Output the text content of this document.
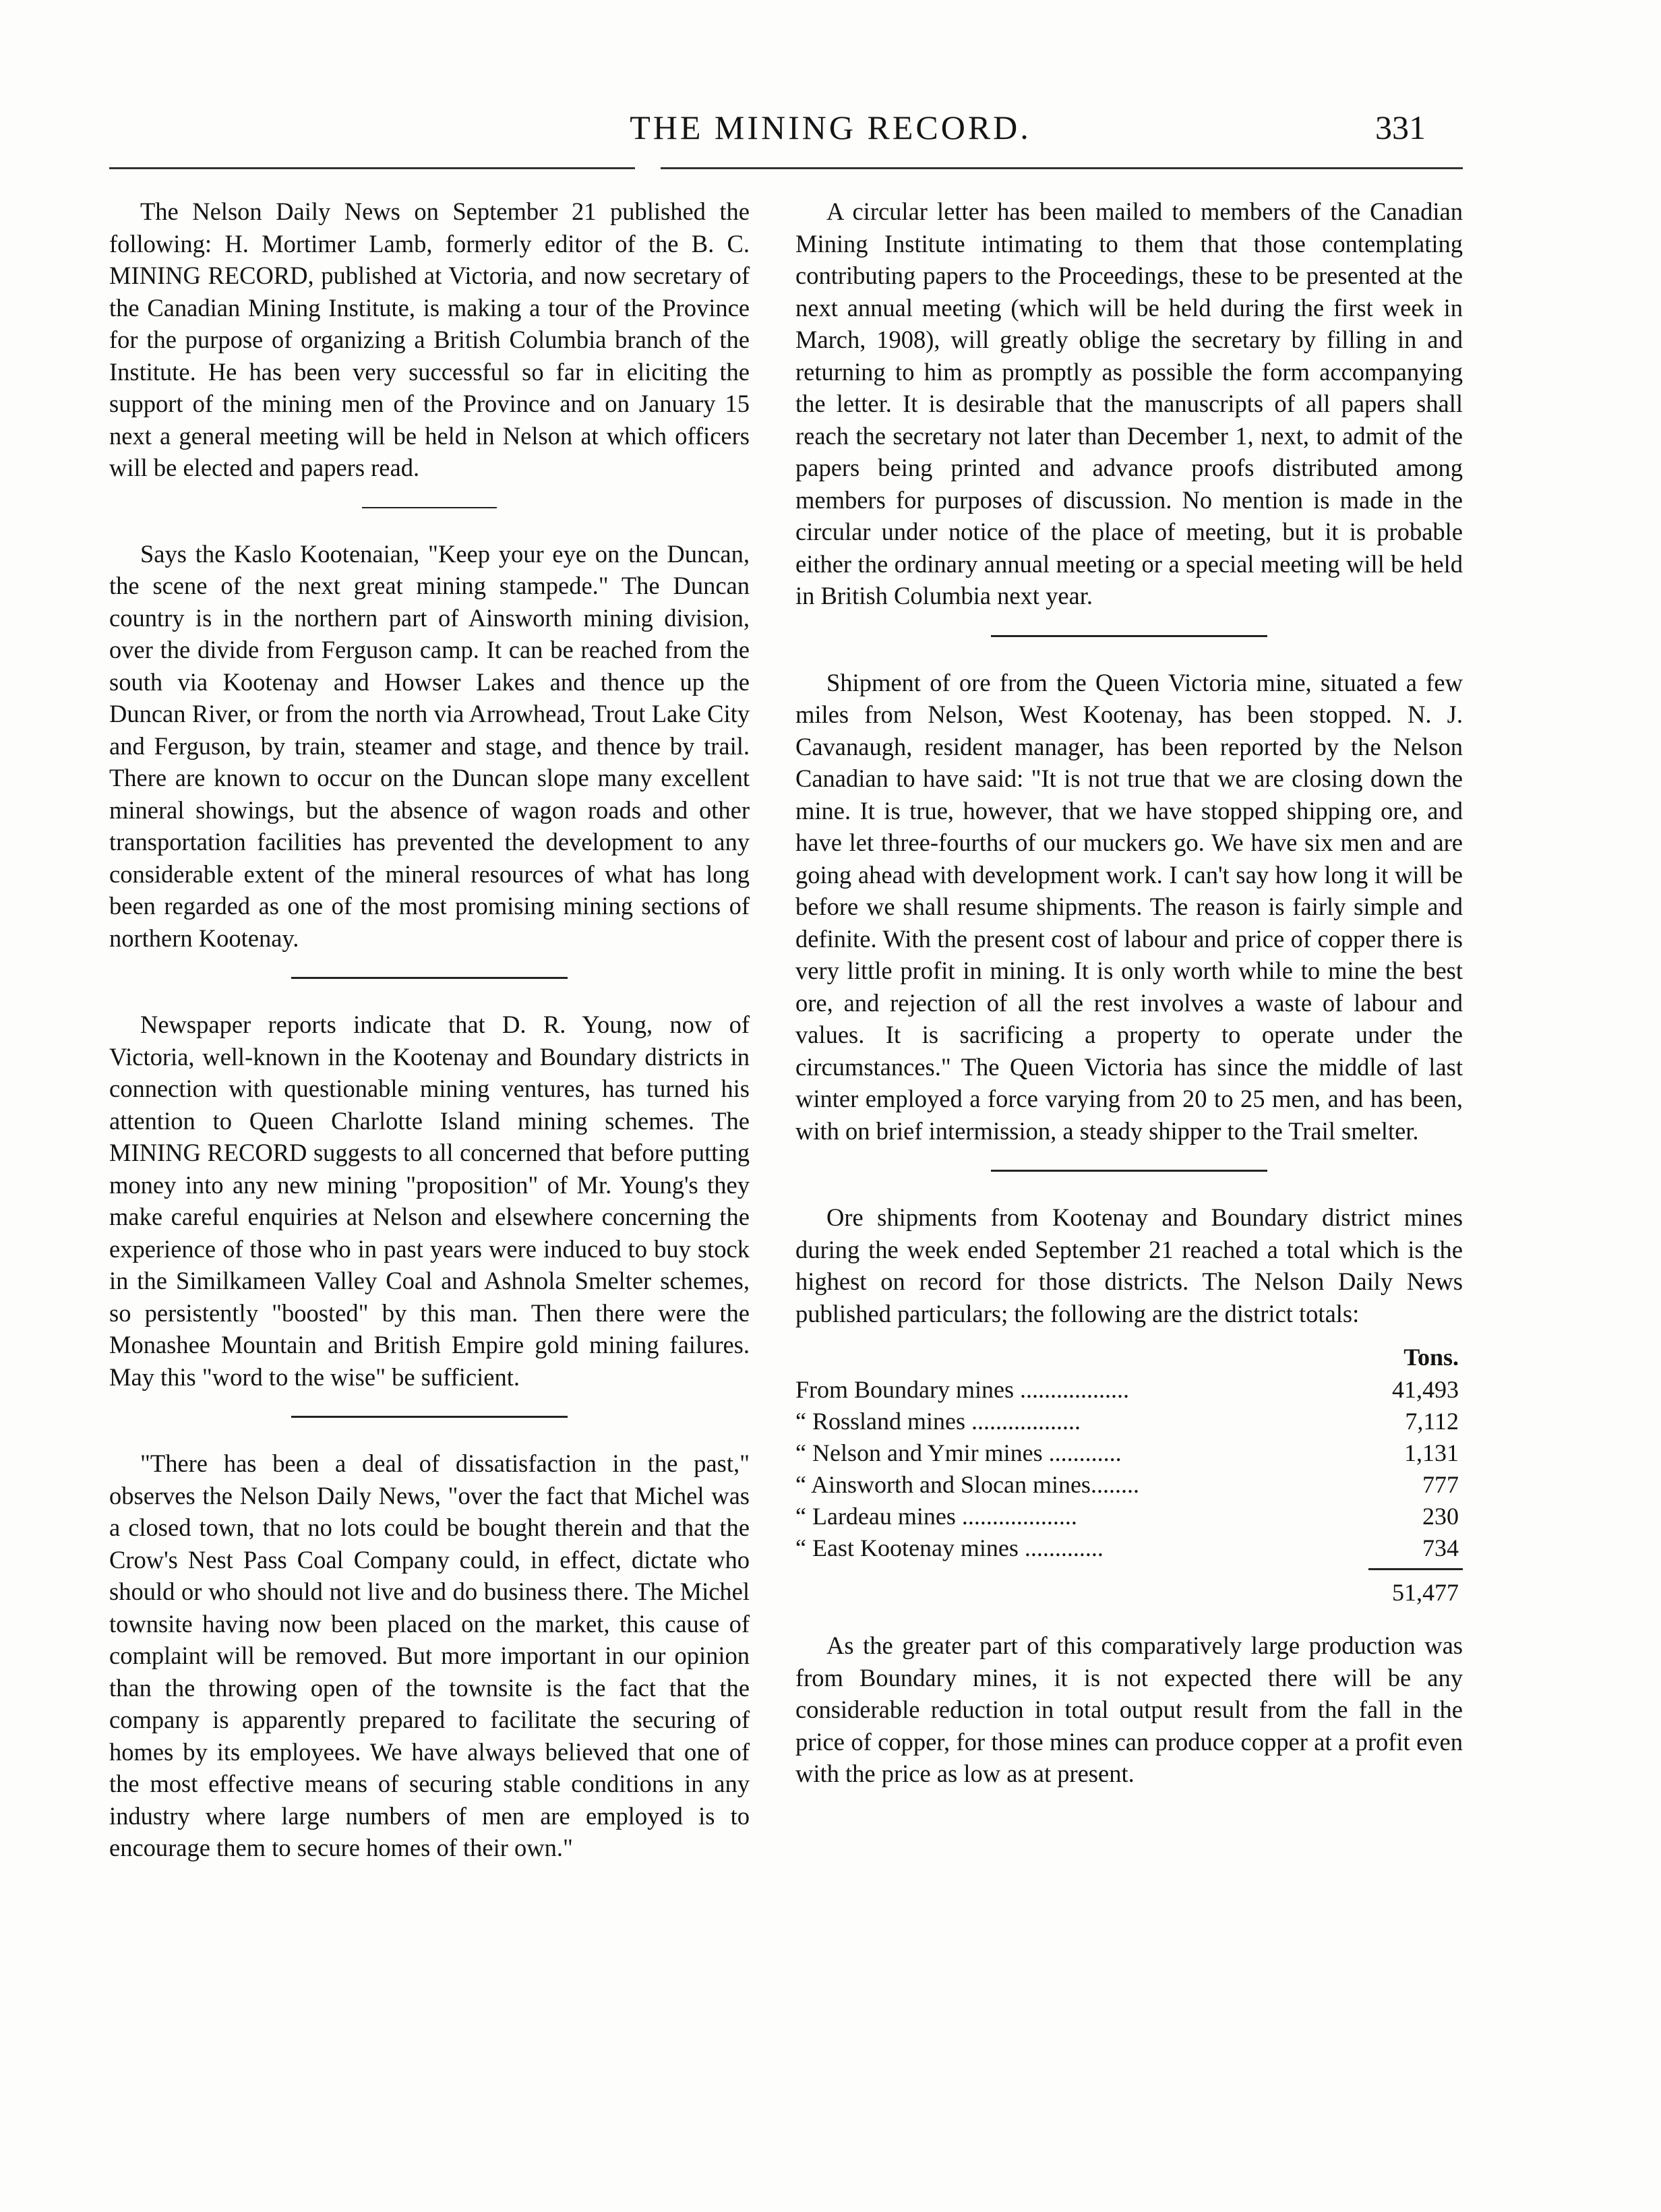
THE MINING RECORD.	331

The Nelson Daily News on September 21 published the following: H. Mortimer Lamb, formerly editor of the B. C. MINING RECORD, published at Victoria, and now secretary of the Canadian Mining Institute, is making a tour of the Province for the purpose of organizing a British Columbia branch of the Institute. He has been very successful so far in eliciting the support of the mining men of the Province and on January 15 next a general meeting will be held in Nelson at which officers will be elected and papers read.

Says the Kaslo Kootenaian, "Keep your eye on the Duncan, the scene of the next great mining stampede." The Duncan country is in the northern part of Ainsworth mining division, over the divide from Ferguson camp. It can be reached from the south via Kootenay and Howser Lakes and thence up the Duncan River, or from the north via Arrowhead, Trout Lake City and Ferguson, by train, steamer and stage, and thence by trail. There are known to occur on the Duncan slope many excellent mineral showings, but the absence of wagon roads and other transportation facilities has prevented the development to any considerable extent of the mineral resources of what has long been regarded as one of the most promising mining sections of northern Kootenay.

Newspaper reports indicate that D. R. Young, now of Victoria, well-known in the Kootenay and Boundary districts in connection with questionable mining ventures, has turned his attention to Queen Charlotte Island mining schemes. The MINING RECORD suggests to all concerned that before putting money into any new mining "proposition" of Mr. Young's they make careful enquiries at Nelson and elsewhere concerning the experience of those who in past years were induced to buy stock in the Similkameen Valley Coal and Ashnola Smelter schemes, so persistently "boosted" by this man. Then there were the Monashee Mountain and British Empire gold mining failures. May this "word to the wise" be sufficient.

"There has been a deal of dissatisfaction in the past," observes the Nelson Daily News, "over the fact that Michel was a closed town, that no lots could be bought therein and that the Crow's Nest Pass Coal Company could, in effect, dictate who should or who should not live and do business there. The Michel townsite having now been placed on the market, this cause of complaint will be removed. But more important in our opinion than the throwing open of the townsite is the fact that the company is apparently prepared to facilitate the securing of homes by its employees. We have always believed that one of the most effective means of securing stable conditions in any industry where large numbers of men are employed is to encourage them to secure homes of their own."

A circular letter has been mailed to members of the Canadian Mining Institute intimating to them that those contemplating contributing papers to the Proceedings, these to be presented at the next annual meeting (which will be held during the first week in March, 1908), will greatly oblige the secretary by filling in and returning to him as promptly as possible the form accompanying the letter. It is desirable that the manuscripts of all papers shall reach the secretary not later than December 1, next, to admit of the papers being printed and advance proofs distributed among members for purposes of discussion. No mention is made in the circular under notice of the place of meeting, but it is probable either the ordinary annual meeting or a special meeting will be held in British Columbia next year.

Shipment of ore from the Queen Victoria mine, situated a few miles from Nelson, West Kootenay, has been stopped. N. J. Cavanaugh, resident manager, has been reported by the Nelson Canadian to have said: "It is not true that we are closing down the mine. It is true, however, that we have stopped shipping ore, and have let three-fourths of our muckers go. We have six men and are going ahead with development work. I can't say how long it will be before we shall resume shipments. The reason is fairly simple and definite. With the present cost of labour and price of copper there is very little profit in mining. It is only worth while to mine the best ore, and rejection of all the rest involves a waste of labour and values. It is sacrificing a property to operate under the circumstances." The Queen Victoria has since the middle of last winter employed a force varying from 20 to 25 men, and has been, with on brief intermission, a steady shipper to the Trail smelter.

Ore shipments from Kootenay and Boundary district mines during the week ended September 21 reached a total which is the highest on record for those districts. The Nelson Daily News published particulars; the following are the district totals:

Tons.
From Boundary mines ..................	41,493
“ Rossland mines ..................	7,112
“ Nelson and Ymir mines ............	1,131
“ Ainsworth and Slocan mines........	777
“ Lardeau mines ...................	230
“ East Kootenay mines .............	734
51,477

As the greater part of this comparatively large production was from Boundary mines, it is not expected there will be any considerable reduction in total output result from the fall in the price of copper, for those mines can produce copper at a profit even with the price as low as at present.
